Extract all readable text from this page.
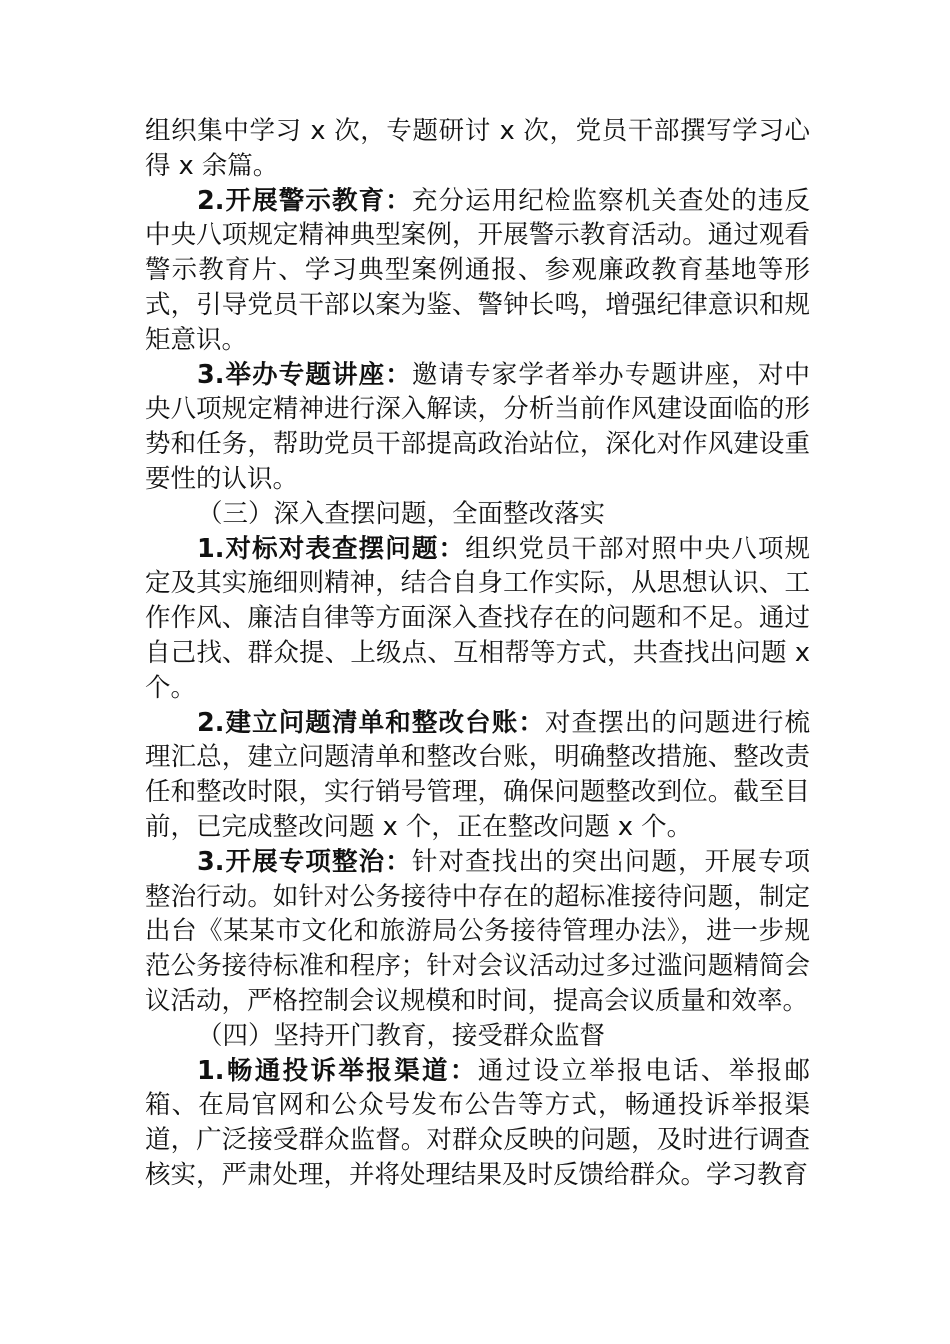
组织集中学习 x 次，专题研讨 x 次，党员干部撰写学习心得 x 余篇。

2.开展警示教育：充分运用纪检监察机关查处的违反中央八项规定精神典型案例，开展警示教育活动。通过观看警示教育片、学习典型案例通报、参观廉政教育基地等形式，引导党员干部以案为鉴、警钟长鸣，增强纪律意识和规矩意识。

3.举办专题讲座：邀请专家学者举办专题讲座，对中央八项规定精神进行深入解读，分析当前作风建设面临的形势和任务，帮助党员干部提高政治站位，深化对作风建设重要性的认识。

（三）深入查摆问题，全面整改落实

1.对标对表查摆问题：组织党员干部对照中央八项规定及其实施细则精神，结合自身工作实际，从思想认识、工作作风、廉洁自律等方面深入查找存在的问题和不足。通过自己找、群众提、上级点、互相帮等方式，共查找出问题 x 个。

2.建立问题清单和整改台账：对查摆出的问题进行梳理汇总，建立问题清单和整改台账，明确整改措施、整改责任和整改时限，实行销号管理，确保问题整改到位。截至目前，已完成整改问题 x 个，正在整改问题 x 个。

3.开展专项整治：针对查找出的突出问题，开展专项整治行动。如针对公务接待中存在的超标准接待问题，制定出台《某某市文化和旅游局公务接待管理办法》，进一步规范公务接待标准和程序；针对会议活动过多过滥问题精简会议活动，严格控制会议规模和时间，提高会议质量和效率。

（四）坚持开门教育，接受群众监督

1.畅通投诉举报渠道：通过设立举报电话、举报邮箱、在局官网和公众号发布公告等方式，畅通投诉举报渠道，广泛接受群众监督。对群众反映的问题，及时进行调查核实，严肃处理，并将处理结果及时反馈给群众。学习教育
